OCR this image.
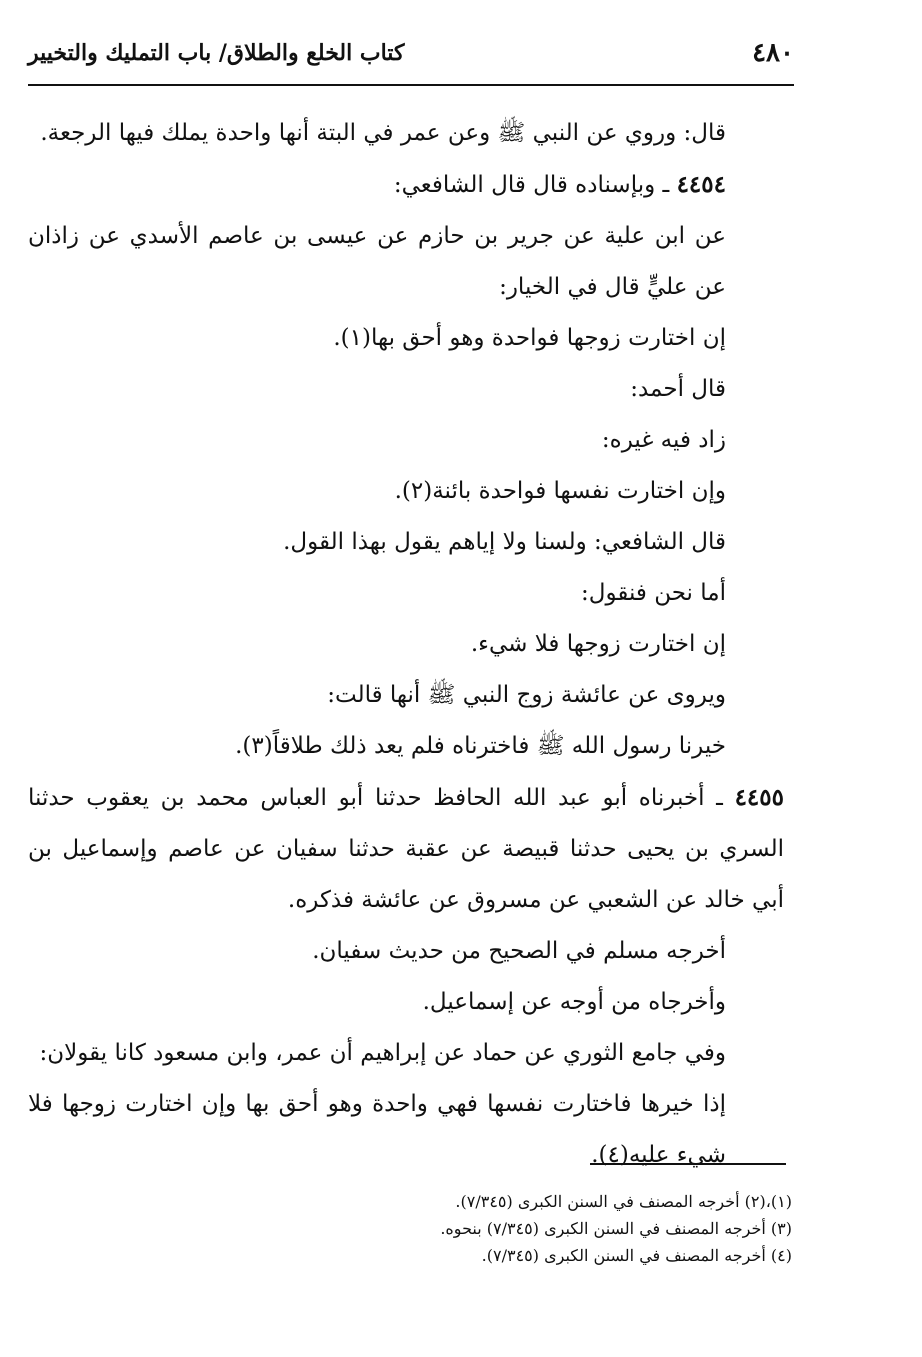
٤٨٠
كتاب الخلع والطلاق/ باب التمليك والتخيير

قال: وروي عن النبي ﷺ وعن عمر في البتة أنها واحدة يملك فيها الرجعة.

٤٤٥٤ ـ وبإسناده قال قال الشافعي:

عن ابن علية عن جرير بن حازم عن عيسى بن عاصم الأسدي عن زاذان عن عليٍّ قال في الخيار:

إن اختارت زوجها فواحدة وهو أحق بها(١).

قال أحمد:

زاد فيه غيره:

وإن اختارت نفسها فواحدة بائنة(٢).

قال الشافعي: ولسنا ولا إياهم يقول بهذا القول.

أما نحن فنقول:

إن اختارت زوجها فلا شيء.

ويروى عن عائشة زوج النبي ﷺ أنها قالت:

خيرنا رسول الله ﷺ فاخترناه فلم يعد ذلك طلاقاً(٣).

٤٤٥٥ ـ أخبرناه أبو عبد الله الحافظ حدثنا أبو العباس محمد بن يعقوب حدثنا السري بن يحيى حدثنا قبيصة عن عقبة حدثنا سفيان عن عاصم وإسماعيل بن أبي خالد عن الشعبي عن مسروق عن عائشة فذكره.

أخرجه مسلم في الصحيح من حديث سفيان.

وأخرجاه من أوجه عن إسماعيل.

وفي جامع الثوري عن حماد عن إبراهيم أن عمر، وابن مسعود كانا يقولان:

إذا خيرها فاختارت نفسها فهي واحدة وهو أحق بها وإن اختارت زوجها فلا شيء عليه(٤).

(١)،(٢) أخرجه المصنف في السنن الكبرى (٧/٣٤٥).
(٣) أخرجه المصنف في السنن الكبرى (٧/٣٤٥) بنحوه.
(٤) أخرجه المصنف في السنن الكبرى (٧/٣٤٥).
